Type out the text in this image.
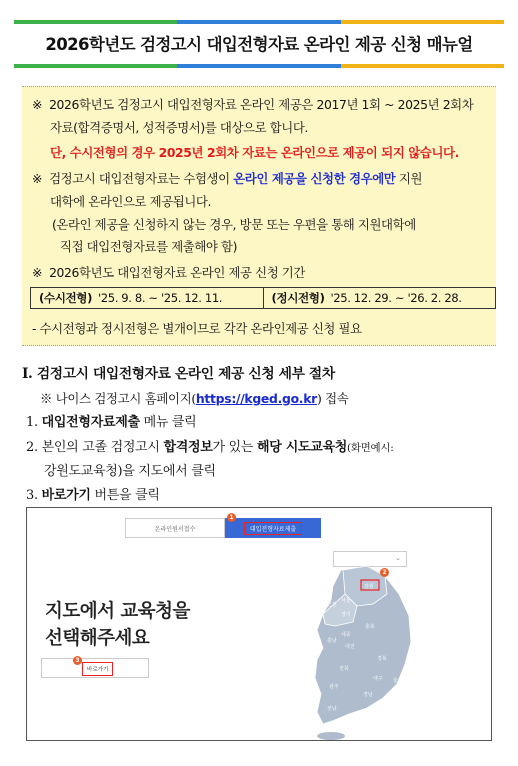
2026학년도 검정고시 대입전형자료 온라인 제공 신청 매뉴얼
※ 2026학년도 검정고시 대입전형자료 온라인 제공은 2017년 1회 ~ 2025년 2회차
자료(합격증명서, 성적증명서)를 대상으로 합니다.
단, 수시전형의 경우 2025년 2회차 자료는 온라인으로 제공이 되지 않습니다.
※ 검정고시 대입전형자료는 수험생이 온라인 제공을 신청한 경우에만 지원
대학에 온라인으로 제공됩니다.
(온라인 제공을 신청하지 않는 경우, 방문 또는 우편을 통해 지원대학에
직접 대입전형자료를 제출해야 함)
※ 2026학년도 대입전형자료 온라인 제공 신청 기간
(수시전형) '25. 9. 8. ~ '25. 12. 11.	(정시전형) '25. 12. 29. ~ '26. 2. 28.
- 수시전형과 정시전형은 별개이므로 각각 온라인제공 신청 필요
Ⅰ. 검정고시 대입전형자료 온라인 제공 신청 세부 절차
※ 나이스 검정고시 홈페이지(https://kged.go.kr) 접속
1. 대입전형자료제출 메뉴 클릭
2. 본인의 고졸 검정고시 합격정보가 있는 해당 시도교육청(화면예시:
강원도교육청)을 지도에서 클릭
3. 바로가기 버튼을 클릭
온라인원서접수	대입전형자료제출
1
⌄
지도에서 교육청을
선택해주세요
바로가기
3
인천
서울
경기
강원
충북
충남
세종
대전
전북
경북
대구 울산
부산
경남
광주
전남
2
